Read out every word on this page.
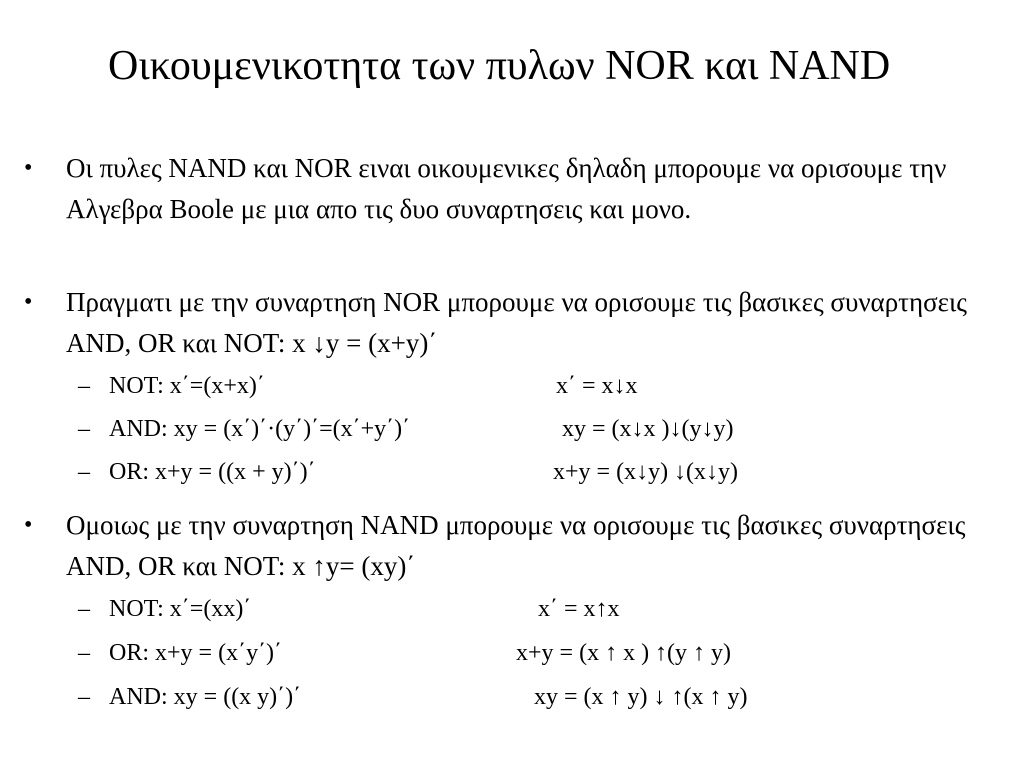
Οικουμενικοτητα των πυλων NOR και NAND
•	Οι πυλες NAND και NOR ειναι οικουμενικες δηλαδη μπορουμε να ορισουμε την Αλγεβρα Boole με μια απο τις δυο συναρτησεις και μονο.
•	Πραγματι με την συναρτηση NOR μπορουμε να ορισουμε τις βασικες συναρτησεις AND, OR και NOT: x ↓y = (x+y)΄
– NOT: x΄=(x+x)΄	x΄ = x↓x
– AND: xy = (x΄)΄·(y΄)΄=(x΄+y΄)΄	xy = (x↓x )↓(y↓y)
– OR: x+y = ((x + y)΄)΄	x+y = (x↓y) ↓(x↓y)
•	Ομοιως με την συναρτηση NAND μπορουμε να ορισουμε τις βασικες συναρτησεις AND, OR και NOT: x ↑y= (xy)΄
– NOT: x΄=(xx)΄	x΄ = x↑x
– OR: x+y = (x΄y΄)΄	x+y = (x ↑ x ) ↑(y ↑ y)
– AND: xy = ((x y)΄)΄	xy = (x ↑ y) ↓ ↑(x ↑ y)
